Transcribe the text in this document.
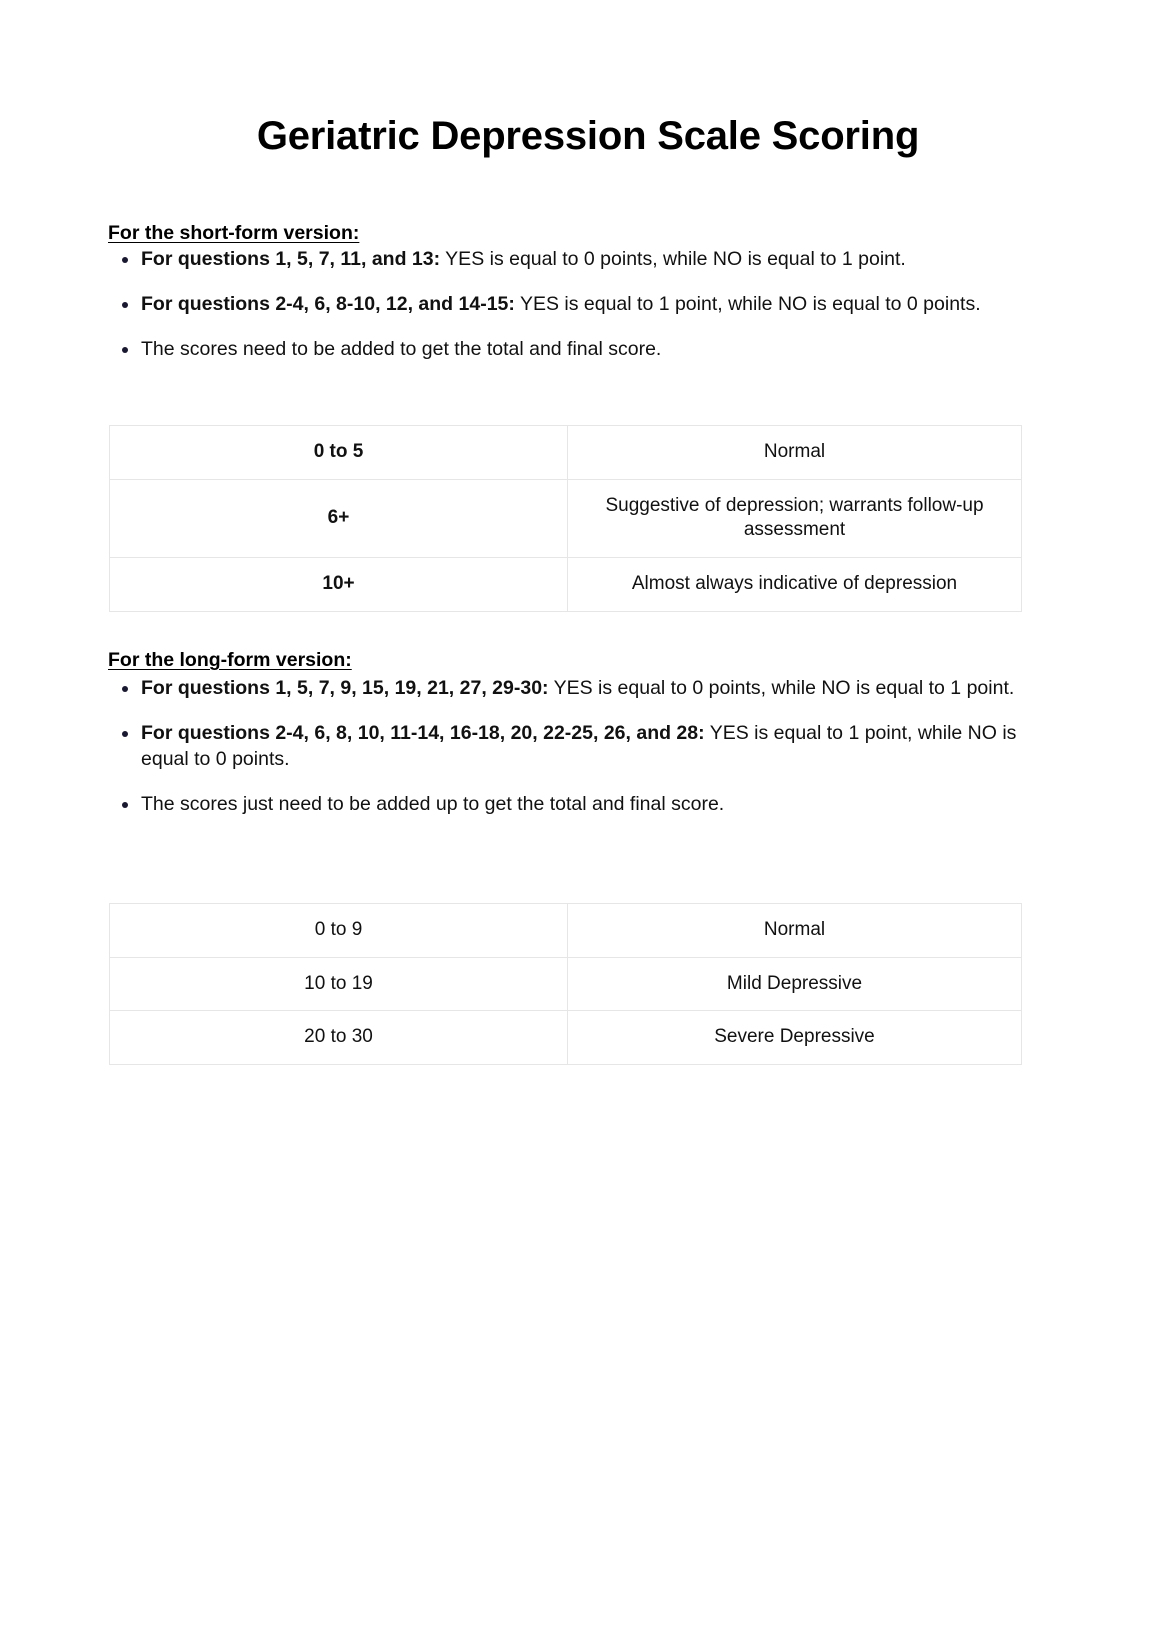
Geriatric Depression Scale Scoring
For the short-form version:
For questions 1, 5, 7, 11, and 13: YES is equal to 0 points, while NO is equal to 1 point.
For questions 2-4, 6, 8-10, 12, and 14-15: YES is equal to 1 point, while NO is equal to 0 points.
The scores need to be added to get the total and final score.
0 to 5	Normal
6+	Suggestive of depression; warrants follow-up assessment
10+	Almost always indicative of depression
For the long-form version:
For questions 1, 5, 7, 9, 15, 19, 21, 27, 29-30: YES is equal to 0 points, while NO is equal to 1 point.
For questions 2-4, 6, 8, 10, 11-14, 16-18, 20, 22-25, 26, and 28: YES is equal to 1 point, while NO is equal to 0 points.
The scores just need to be added up to get the total and final score.
0 to 9	Normal
10 to 19	Mild Depressive
20 to 30	Severe Depressive
